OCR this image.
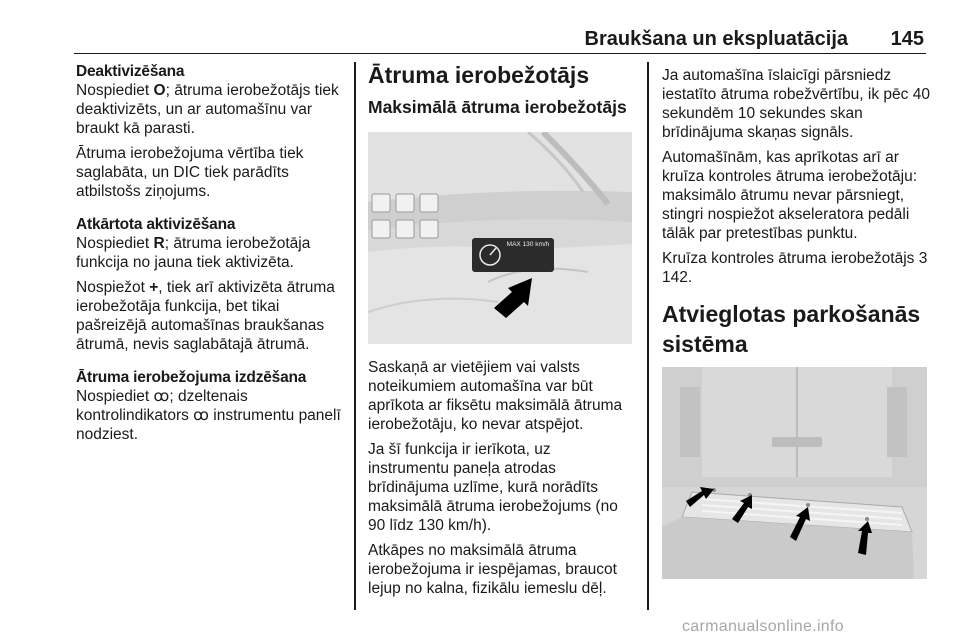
Braukšana un ekspluatācija 145
Deaktivizēšana

Nospiediet O; ātruma ierobežotājs tiek deaktivizēts, un ar automašīnu var braukt kā parasti.

Ātruma ierobežojuma vērtība tiek saglabāta, un DIC tiek parādīts atbilstošs ziņojums.

Atkārtota aktivizēšana

Nospiediet R; ātruma ierobežotāja funkcija no jauna tiek aktivizēta.

Nospiežot +, tiek arī aktivizēta ātruma ierobežotāja funkcija, bet tikai pašreizējā automašīnas braukšanas ātrumā, nevis saglabātajā ātrumā.

Ātruma ierobežojuma izdzēšana

Nospiediet ꝏ; dzeltenais kontrolindikators ꝏ instrumentu panelī nodziest.

Ātruma ierobežotājs
Maksimālā ātruma ierobežotājs
MAX 130 km/h

Saskaņā ar vietējiem vai valsts noteikumiem automašīna var būt aprīkota ar fiksētu maksimālā ātruma ierobežotāju, ko nevar atspējot.

Ja šī funkcija ir ierīkota, uz instrumentu paneļa atrodas brīdinājuma uzlīme, kurā norādīts maksimālā ātruma ierobežojums (no 90 līdz 130 km/h).

Atkāpes no maksimālā ātruma ierobežojuma ir iespējamas, braucot lejup no kalna, fizikālu iemeslu dēļ.

Ja automašīna īslaicīgi pārsniedz iestatīto ātruma robežvērtību, ik pēc 40 sekundēm 10 sekundes skan brīdinājuma skaņas signāls.

Automašīnām, kas aprīkotas arī ar kruīza kontroles ātruma ierobežotāju: maksimālo ātrumu nevar pārsniegt, stingri nospiežot akseleratora pedāli tālāk par pretestības punktu.

Kruīza kontroles ātruma ierobežotājs 3 142.

Atvieglotas parkošanās sistēma
carmanualsonline.info
